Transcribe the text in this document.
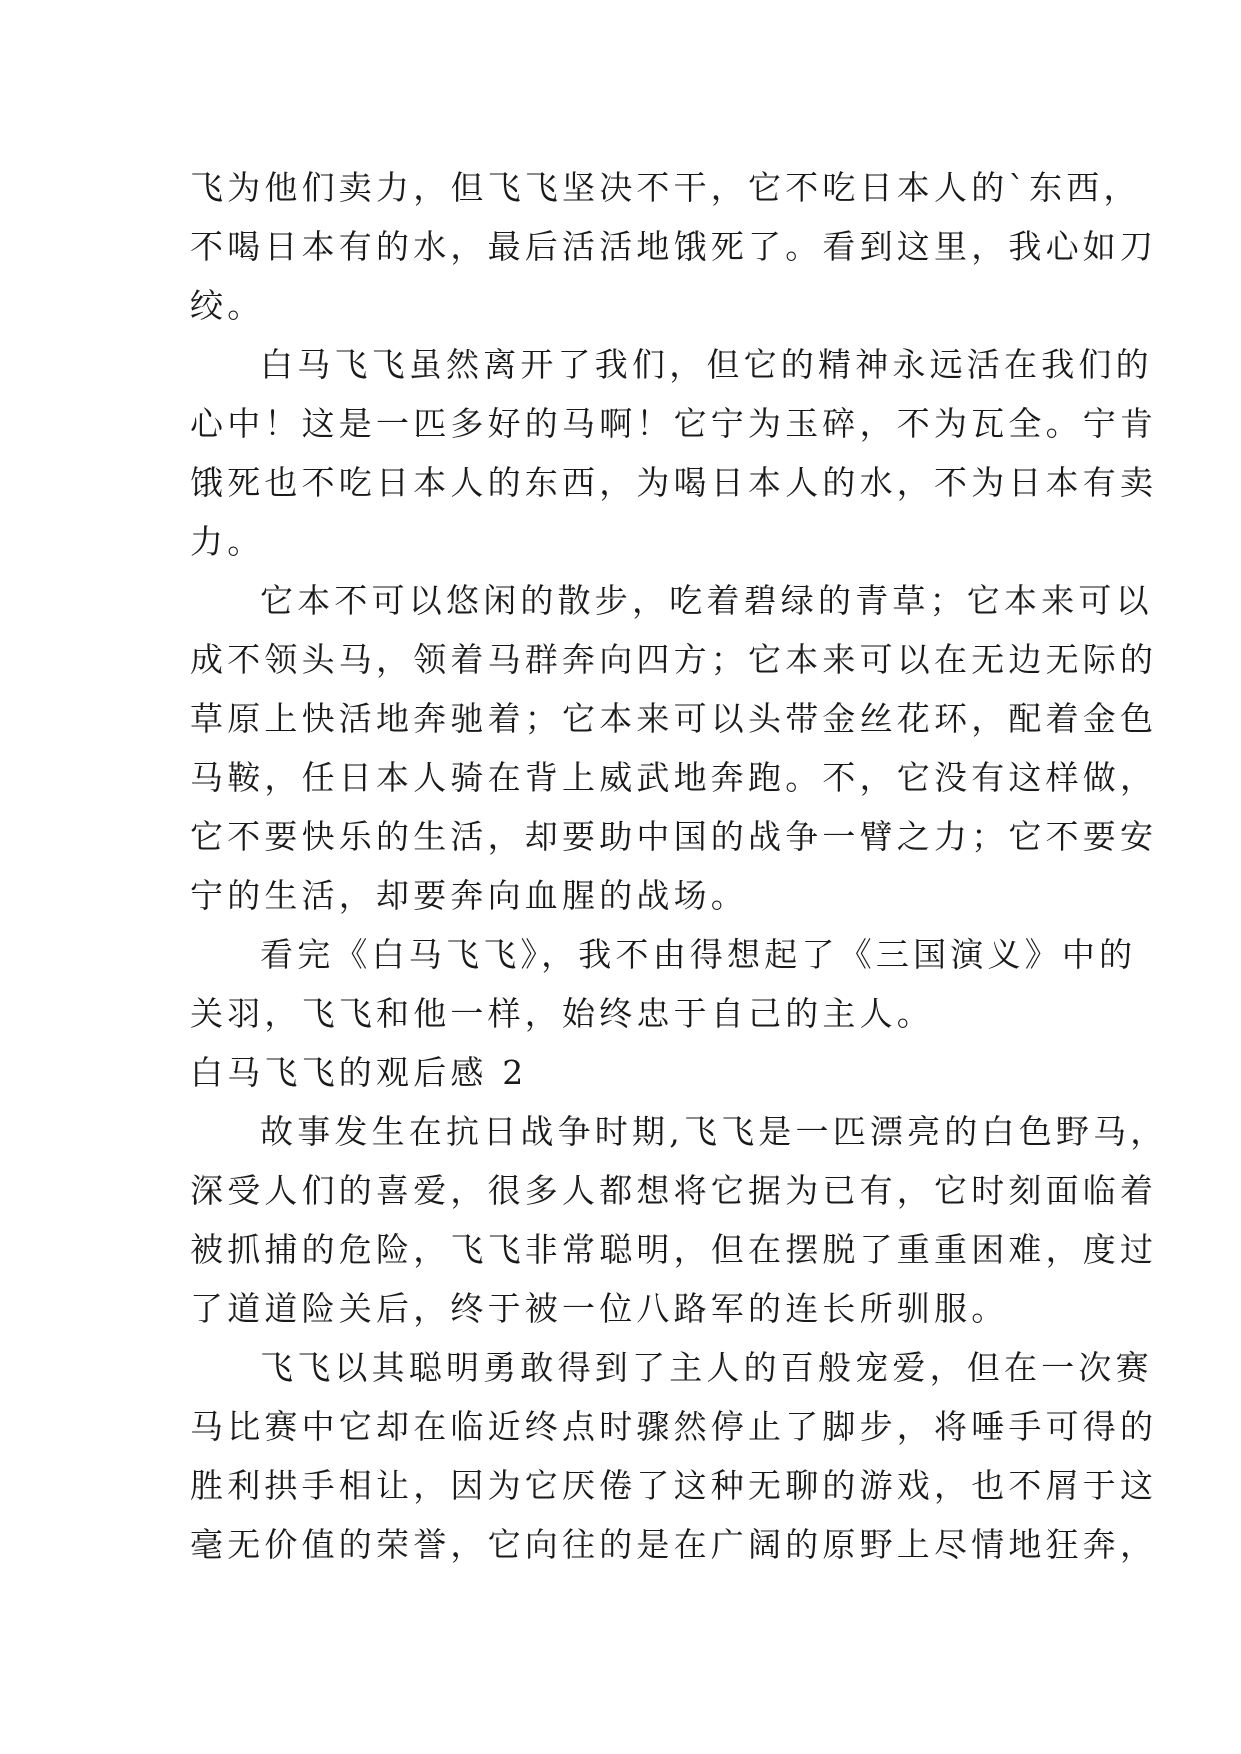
飞为他们卖力，但飞飞坚决不干，它不吃日本人的`东西，
不喝日本有的水，最后活活地饿死了。看到这里，我心如刀
绞。
白马飞飞虽然离开了我们，但它的精神永远活在我们的
心中！这是一匹多好的马啊！它宁为玉碎，不为瓦全。宁肯
饿死也不吃日本人的东西，为喝日本人的水，不为日本有卖
力。
它本不可以悠闲的散步，吃着碧绿的青草；它本来可以
成不领头马，领着马群奔向四方；它本来可以在无边无际的
草原上快活地奔驰着；它本来可以头带金丝花环，配着金色
马鞍，任日本人骑在背上威武地奔跑。不，它没有这样做，
它不要快乐的生活，却要助中国的战争一臂之力；它不要安
宁的生活，却要奔向血腥的战场。
看完《白马飞飞》，我不由得想起了《三国演义》中的
关羽，飞飞和他一样，始终忠于自己的主人。
白马飞飞的观后感 2
故事发生在抗日战争时期,飞飞是一匹漂亮的白色野马，
深受人们的喜爱，很多人都想将它据为已有，它时刻面临着
被抓捕的危险，飞飞非常聪明，但在摆脱了重重困难，度过
了道道险关后，终于被一位八路军的连长所驯服。
飞飞以其聪明勇敢得到了主人的百般宠爱，但在一次赛
马比赛中它却在临近终点时骤然停止了脚步，将唾手可得的
胜利拱手相让，因为它厌倦了这种无聊的游戏，也不屑于这
毫无价值的荣誉，它向往的是在广阔的原野上尽情地狂奔，
